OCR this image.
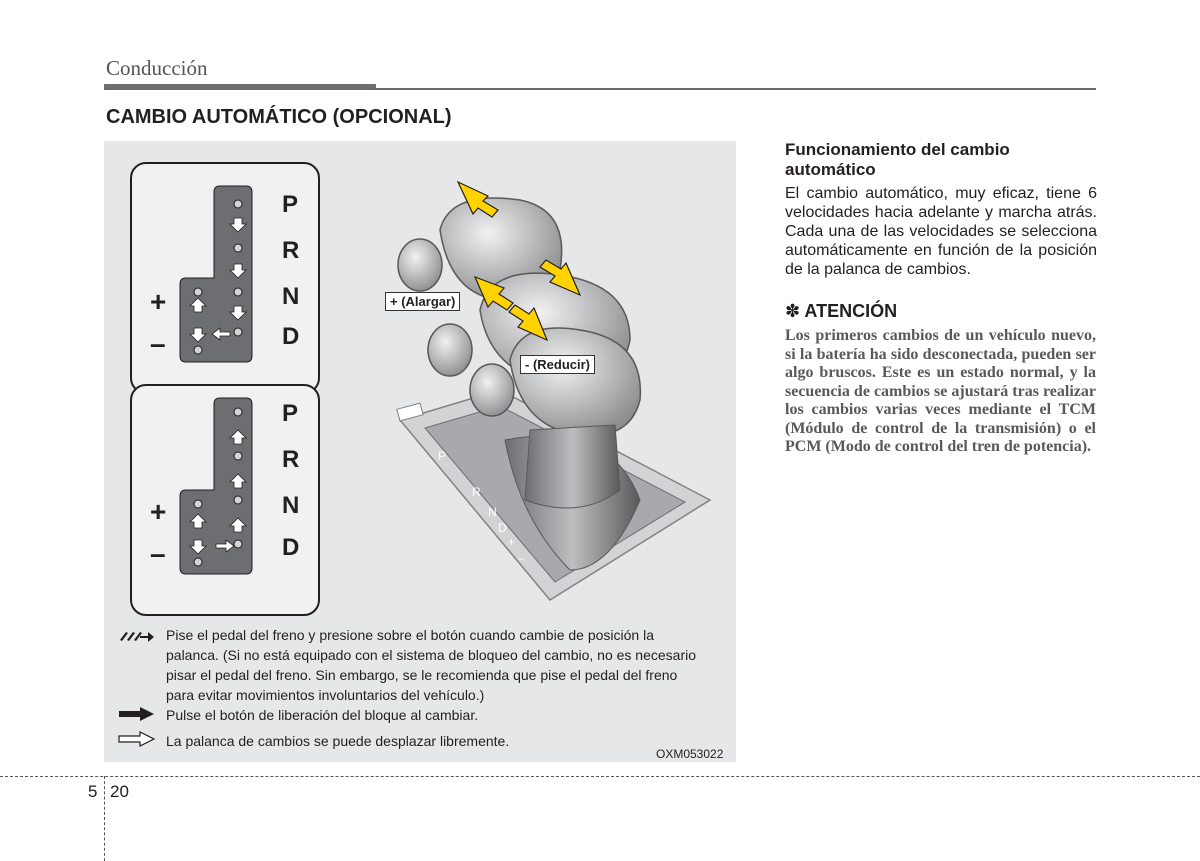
Conducción
CAMBIO AUTOMÁTICO (OPCIONAL)
P
R
N
D
+
–
P
R
N
D
+
–
P
R
N
D
+
–
+ (Alargar)
- (Reducir)
Pise el pedal del freno y presione sobre el botón cuando cambie de posición la palanca. (Si no está equipado con el sistema de bloqueo del cambio, no es necesario pisar el pedal del freno. Sin embargo, se le recomienda que pise el pedal del freno para evitar movimientos involuntarios del vehículo.)
Pulse el botón de liberación del bloque al cambiar.
La palanca de cambios se puede desplazar libremente.
OXM053022
Funcionamiento del cambio automático
El cambio automático, muy eficaz, tiene 6 velocidades hacia adelante y marcha atrás. Cada una de las velocidades se selecciona automáticamente en función de la posición de la palanca de cambios.
✽ ATENCIÓN
Los primeros cambios de un vehículo nuevo, si la batería ha sido desconectada, pueden ser algo bruscos. Este es un estado normal, y la secuencia de cambios se ajustará tras realizar los cambios varias veces mediante el TCM (Módulo de control de la transmisión) o el PCM (Modo de control del tren de potencia).
5 20
